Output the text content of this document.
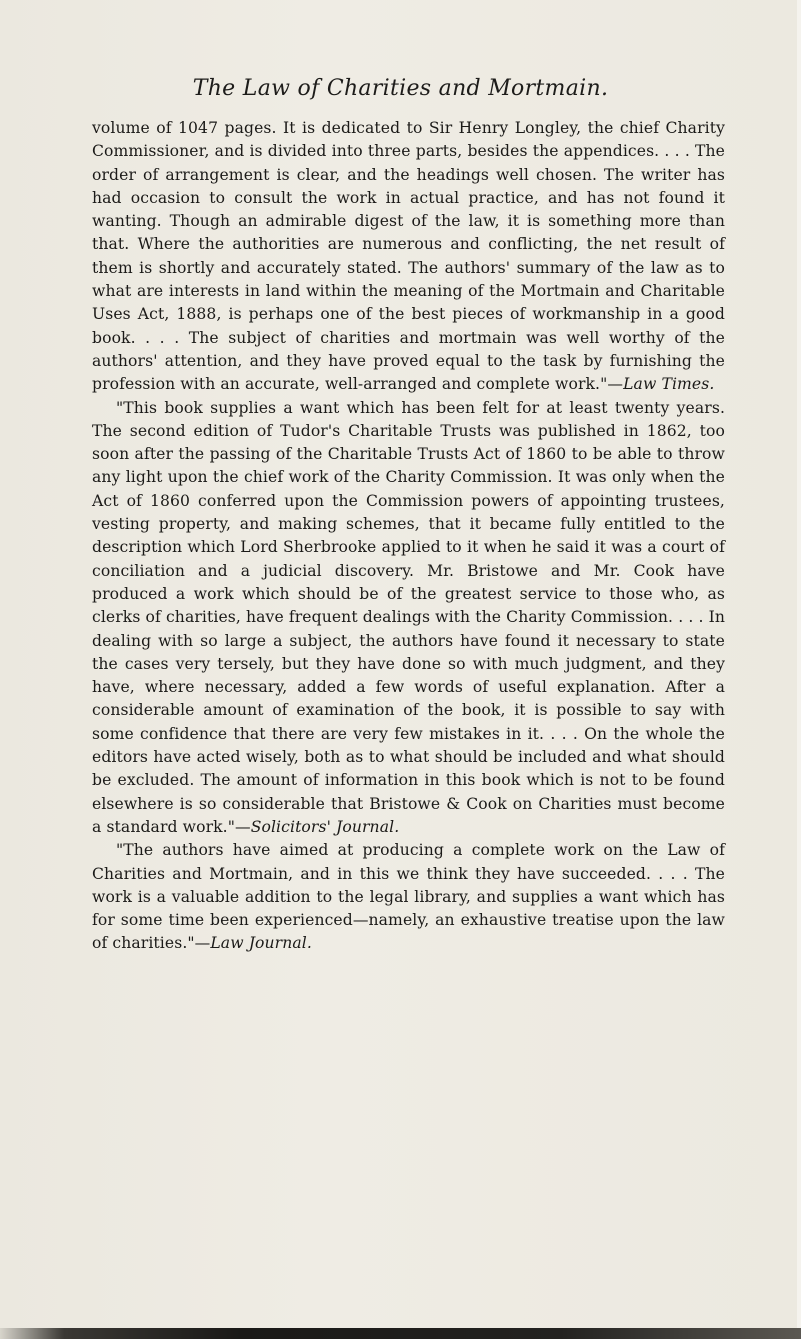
The Law of Charities and Mortmain.

volume of 1047 pages. It is dedicated to Sir Henry Longley, the chief Charity Commissioner, and is divided into three parts, besides the appendices. . . . The order of arrangement is clear, and the headings well chosen. The writer has had occasion to consult the work in actual practice, and has not found it wanting. Though an admirable digest of the law, it is something more than that. Where the authorities are numerous and conflicting, the net result of them is shortly and accurately stated. The authors' summary of the law as to what are interests in land within the meaning of the Mortmain and Charitable Uses Act, 1888, is perhaps one of the best pieces of workmanship in a good book. . . . The subject of charities and mortmain was well worthy of the authors' attention, and they have proved equal to the task by furnishing the profession with an accurate, well-arranged and complete work."—Law Times.

"This book supplies a want which has been felt for at least twenty years. The second edition of Tudor's Charitable Trusts was published in 1862, too soon after the passing of the Charitable Trusts Act of 1860 to be able to throw any light upon the chief work of the Charity Commission. It was only when the Act of 1860 conferred upon the Commission powers of appointing trustees, vesting property, and making schemes, that it became fully entitled to the description which Lord Sherbrooke applied to it when he said it was a court of conciliation and a judicial discovery. Mr. Bristowe and Mr. Cook have produced a work which should be of the greatest service to those who, as clerks of charities, have frequent dealings with the Charity Commission. . . . In dealing with so large a subject, the authors have found it necessary to state the cases very tersely, but they have done so with much judgment, and they have, where necessary, added a few words of useful explanation. After a considerable amount of examination of the book, it is possible to say with some confidence that there are very few mistakes in it. . . . On the whole the editors have acted wisely, both as to what should be included and what should be excluded. The amount of information in this book which is not to be found elsewhere is so considerable that Bristowe & Cook on Charities must become a standard work."—Solicitors' Journal.

"The authors have aimed at producing a complete work on the Law of Charities and Mortmain, and in this we think they have succeeded. . . . The work is a valuable addition to the legal library, and supplies a want which has for some time been experienced—namely, an exhaustive treatise upon the law of charities."—Law Journal.
